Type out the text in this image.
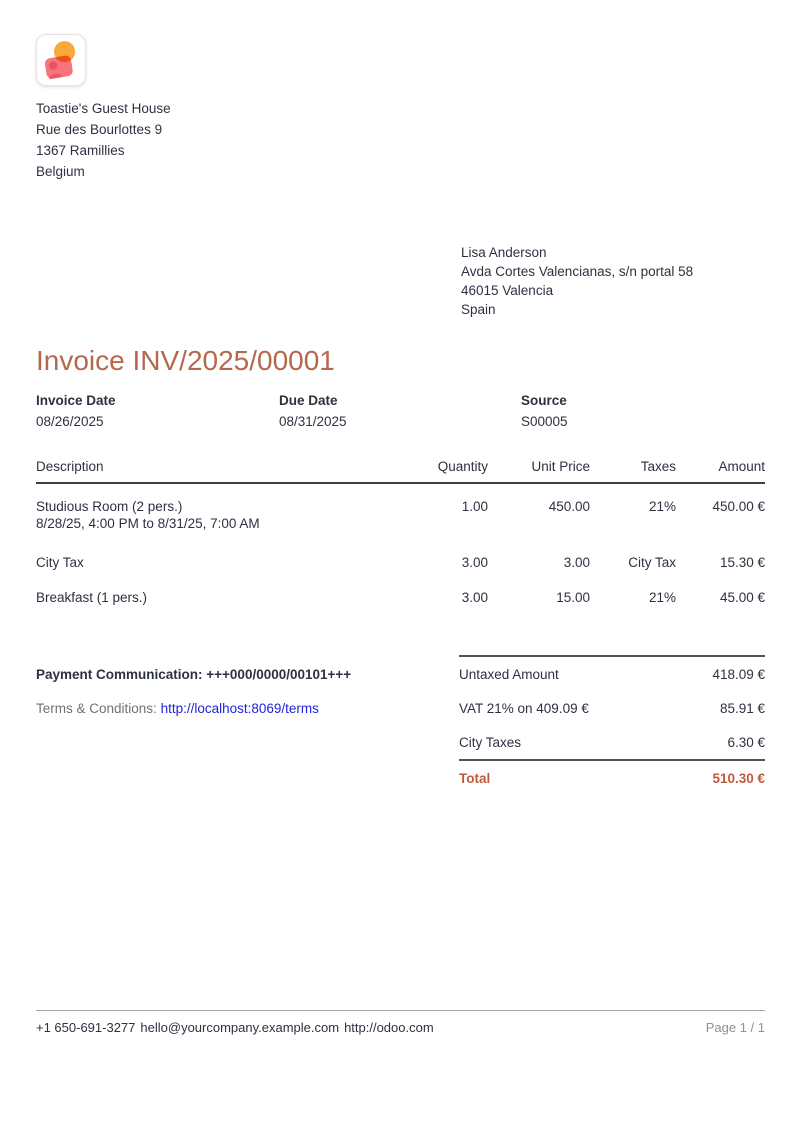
Toastie's Guest House
Rue des Bourlottes 9
1367 Ramillies
Belgium
Lisa Anderson
Avda Cortes Valencianas, s/n portal 58
46015 Valencia
Spain
Invoice INV/2025/00001
Invoice Date
08/26/2025
Due Date
08/31/2025
Source
S00005
Description	Quantity	Unit Price	Taxes	Amount
Studious Room (2 pers.)
8/28/25, 4:00 PM to 8/31/25, 7:00 AM
1.00	450.00	21%	450.00 €
City Tax	3.00	3.00	City Tax	15.30 €
Breakfast (1 pers.)	3.00	15.00	21%	45.00 €
Payment Communication: +++000/0000/00101+++
Terms & Conditions: http://localhost:8069/terms
Untaxed Amount	418.09 €
VAT 21% on 409.09 €	85.91 €
City Taxes	6.30 €
Total	510.30 €
+1 650-691-3277 hello@yourcompany.example.com http://odoo.com	Page 1 / 1
